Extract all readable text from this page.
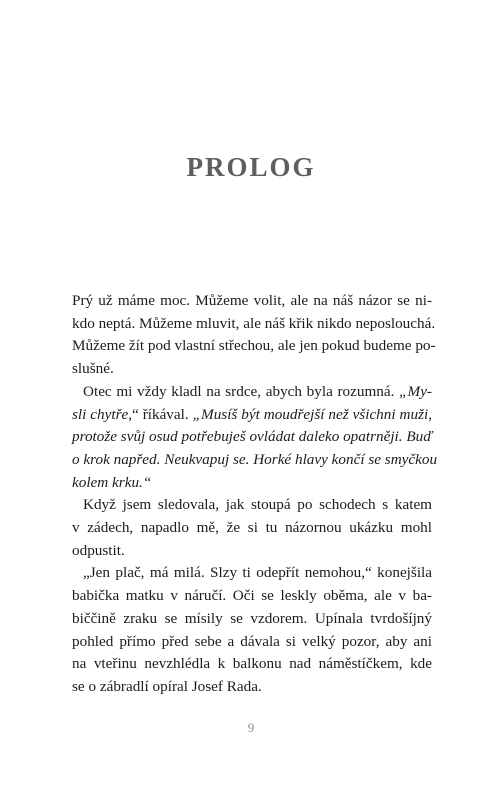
PROLOG
Prý už máme moc. Můžeme volit, ale na náš názor se ni-
kdo neptá. Můžeme mluvit, ale náš křik nikdo neposlouchá.
Můžeme žít pod vlastní střechou, ale jen pokud budeme po-
slušné.
Otec mi vždy kladl na srdce, abych byla rozumná. „My-
sli chytře,“ říkával. „Musíš být moudřejší než všichni muži,
protože svůj osud potřebuješ ovládat daleko opatrněji. Buď
o krok napřed. Neukvapuj se. Horké hlavy končí se smyčkou
kolem krku.“
Když jsem sledovala, jak stoupá po schodech s katem
v zádech, napadlo mě, že si tu názornou ukázku mohl
odpustit.
„Jen plač, má milá. Slzy ti odepřít nemohou,“ konejšila
babička matku v náručí. Oči se leskly oběma, ale v ba-
biččině zraku se mísily se vzdorem. Upínala tvrdošíjný
pohled přímo před sebe a dávala si velký pozor, aby ani
na vteřinu nevzhlédla k balkonu nad náměstíčkem, kde
se o zábradlí opíral Josef Rada.
9
